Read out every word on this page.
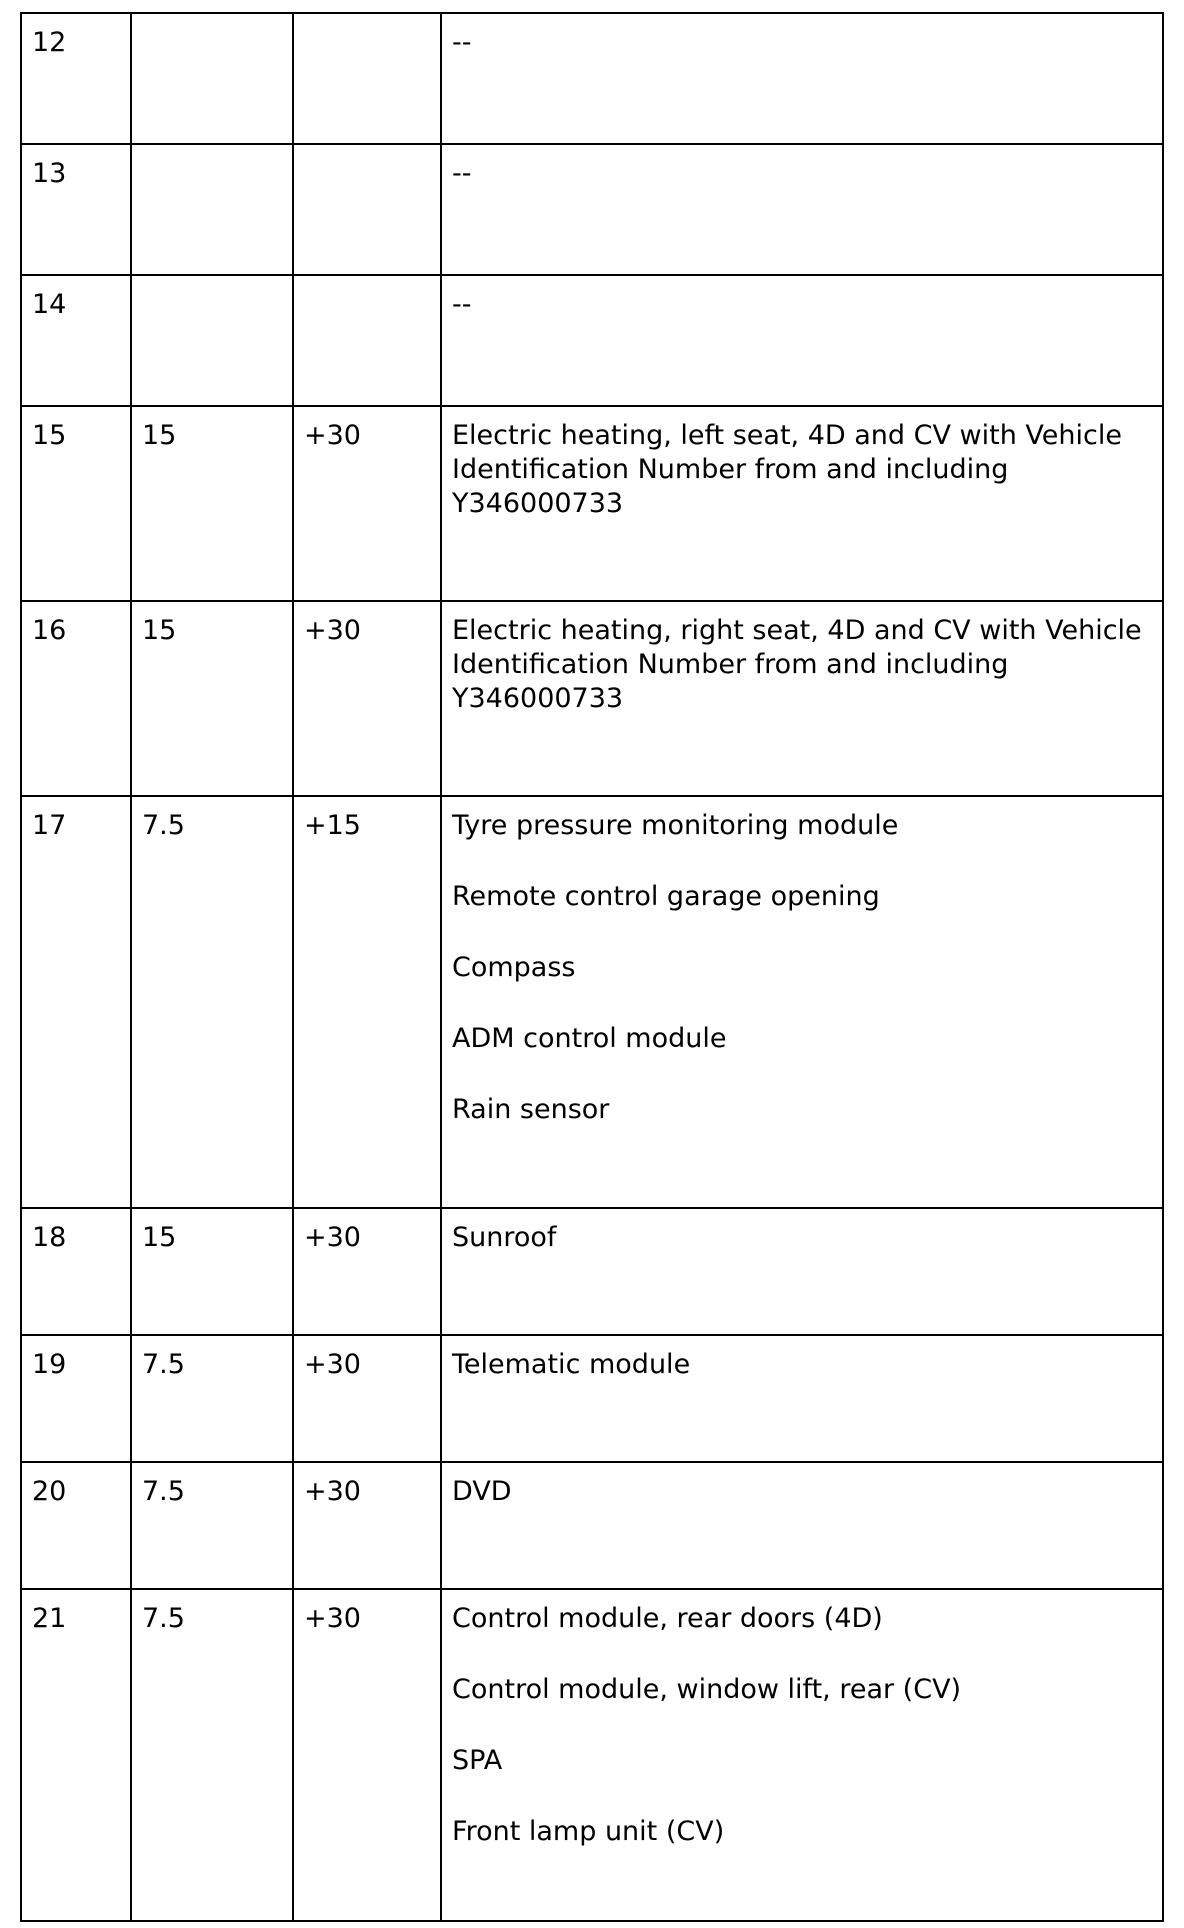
12			--

13			--

14			--

15	15	+30	Electric heating, left seat, 4D and CV with Vehicle Identification Number from and including Y346000733

16	15	+30	Electric heating, right seat, 4D and CV with Vehicle Identification Number from and including Y346000733

17	7.5	+15	Tyre pressure monitoring module
Remote control garage opening
Compass
ADM control module
Rain sensor

18	15	+30	Sunroof

19	7.5	+30	Telematic module

20	7.5	+30	DVD

21	7.5	+30	Control module, rear doors (4D)
Control module, window lift, rear (CV)
SPA
Front lamp unit (CV)
